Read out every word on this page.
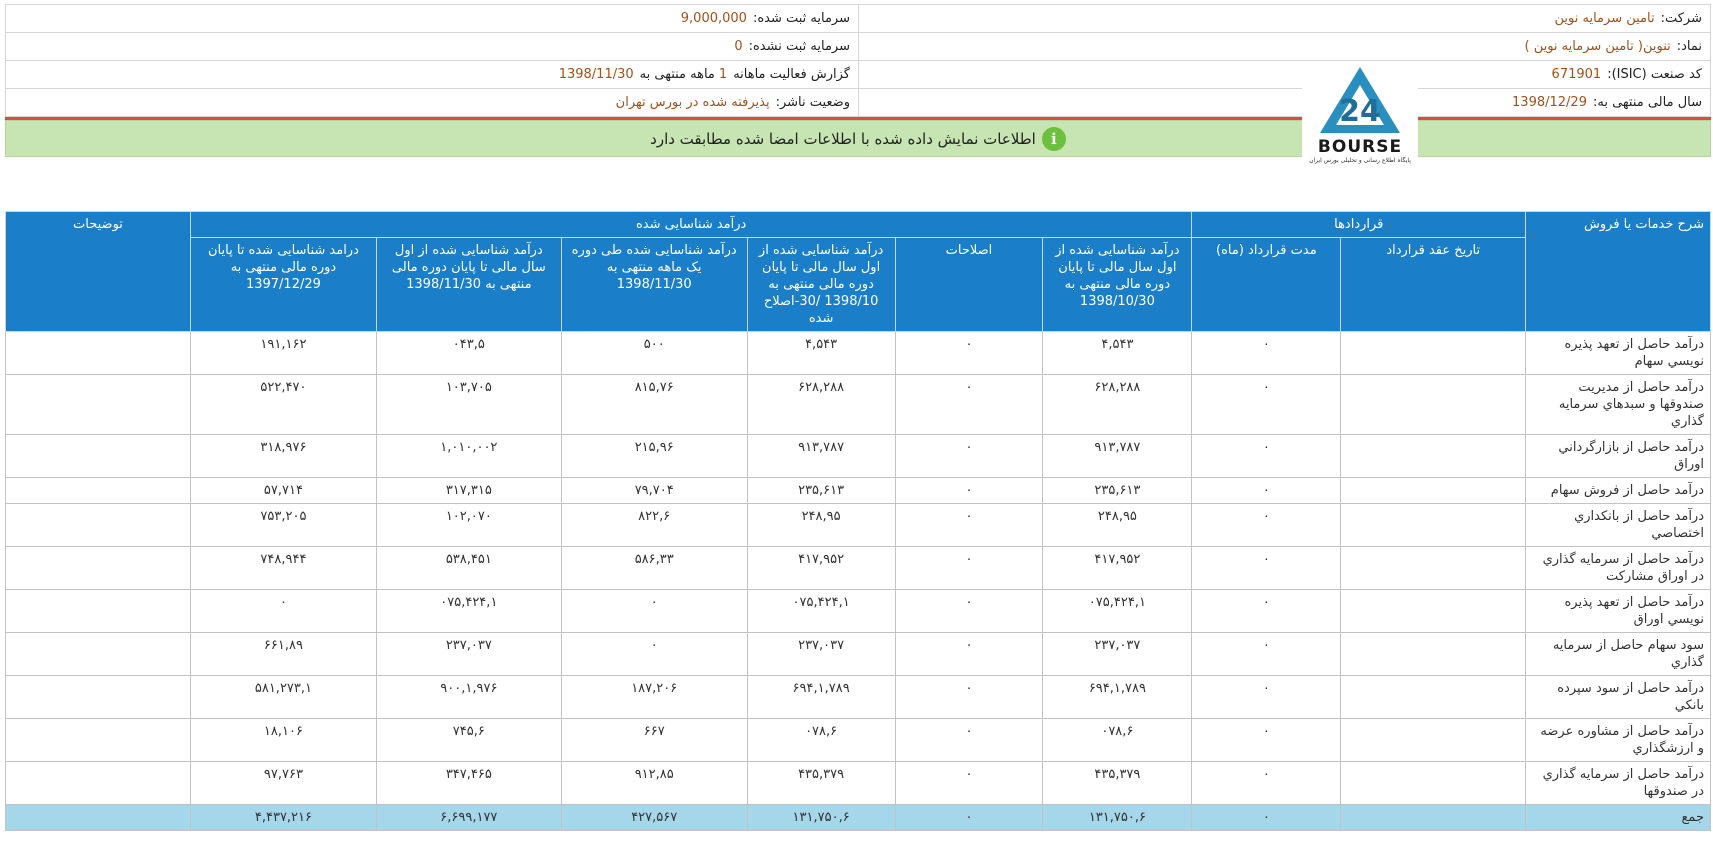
شرکت:
تامین سرمایه نوین
سرمایه ثبت شده:
9,000,000
نماد:
تنوین( تامین سرمایه نوین )
سرمایه ثبت نشده:
0
کد صنعت (ISIC):
671901
گزارش فعالیت ماهانه
1
ماهه منتهی به
1398/11/30
سال مالی منتهی به:
1398/12/29
وضعیت ناشر:
پذیرفته شده در بورس تهران
i
اطلاعات نمایش داده شده با اطلاعات امضا شده مطابقت دارد
24
BOURSE
پایگاه اطلاع رسانی و تحلیلی بورس ایران
شرح خدمات یا فروش	قراردادها		درآمد شناسایی شده						توضیحات
	تاریخ عقد قرارداد	مدت قرارداد (ماه)	درآمد شناسایی شده از اول سال مالی تا پایان دوره مالی منتهی به 1398/10/30	اصلاحات	درآمد شناسایی شده از اول سال مالی تا پایان دوره مالی منتهی به 1398/10 /30-اصلاح شده	درآمد شناسایی شده طی دوره یک ماهه منتهی به 1398/11/30	درآمد شناسایی شده از اول سال مالی تا پایان دوره مالی منتهی به 1398/11/30	درامد شناسایی شده تا پایان دوره مالی منتهی به 1397/12/29	
درآمد حاصل از تعهد پذيره نويسي سهام		٠	۴,۵۴۳	٠	۴,۵۴۳	۵٠٠	۵,٠۴۳	١٩١,١۶٢	
درآمد حاصل از مديريت صندوقها و سبدهاي سرمايه گذاري		٠	۶٢٨,٢٨٨	٠	۶٢٨,٢٨٨	٧۶,٨١۵	٧٠۵,١٠٣	۴٧٠,۵٢٢	
درآمد حاصل از بازارگرداني اوراق		٠	٩١٣,٧٨٧	٠	٩١٣,٧٨٧	٩۶,٢١۵	١,٠١٠,٠٠٢	٩٧۶,٣١٨	
درآمد حاصل از فروش سهام		٠	٢٣۵,۶١٣	٠	٢٣۵,۶١٣	٧٩,٧٠۴	٣١۵,٣١٧	۵٧,٧١۴	
درآمد حاصل از بانکداري اختصاصي		٠	٩۵,٢۴٨	٠	٩۵,٢۴٨	۶,٨٢٢	١٠٢,٠٧٠	٢٠۵,٧۵٣	
درآمد حاصل از سرمايه گذاري در اوراق مشارکت		٠	۴١٧,٩۵٢	٠	۴١٧,٩۵٢	٣٣,۵٨۶	۴۵١,۵٣٨	٧۴٨,٩۴۴	
درآمد حاصل از تعهد پذيره نويسي اوراق		٠	١,۴٢۴,٠٧۵	٠	١,۴٢۴,٠٧۵	٠	١,۴٢۴,٠٧۵	٠	
سود سهام حاصل از سرمايه گذاري		٠	٢٣٧,٠٣٧	٠	٢٣٧,٠٣٧	٠	٢٣٧,٠٣٧	٨٩,۶۶١	
درآمد حاصل از سود سپرده بانکي		٠	١,٧٨٩,۶٩۴	٠	١,٧٨٩,۶٩۴	١٨٧,٢٠۶	١,٩٧۶,٩٠٠	١,۵٨١,٢٧٣	
درآمد حاصل از مشاوره عرضه و ارزشگذاري		٠	۶,٠٧٨	٠	۶,٠٧٨	۶۶٧	۶,٧۴۵	١٨,١٠۶	
درآمد حاصل از سرمايه گذاري در صندوقها		٠	٣٧٩,۴٣۵	٠	٣٧٩,۴٣۵	٨۵,٩١٢	۴۶۵,٣۴٧	٩٧,٧۶٣	
جمع		٠	۶,١٣١,٧۵٠	٠	۶,١٣١,٧۵٠	۵۶٧,۴٢٧	۶,۶٩٩,١٧٧	۴,۴٣٧,٢١۶	
